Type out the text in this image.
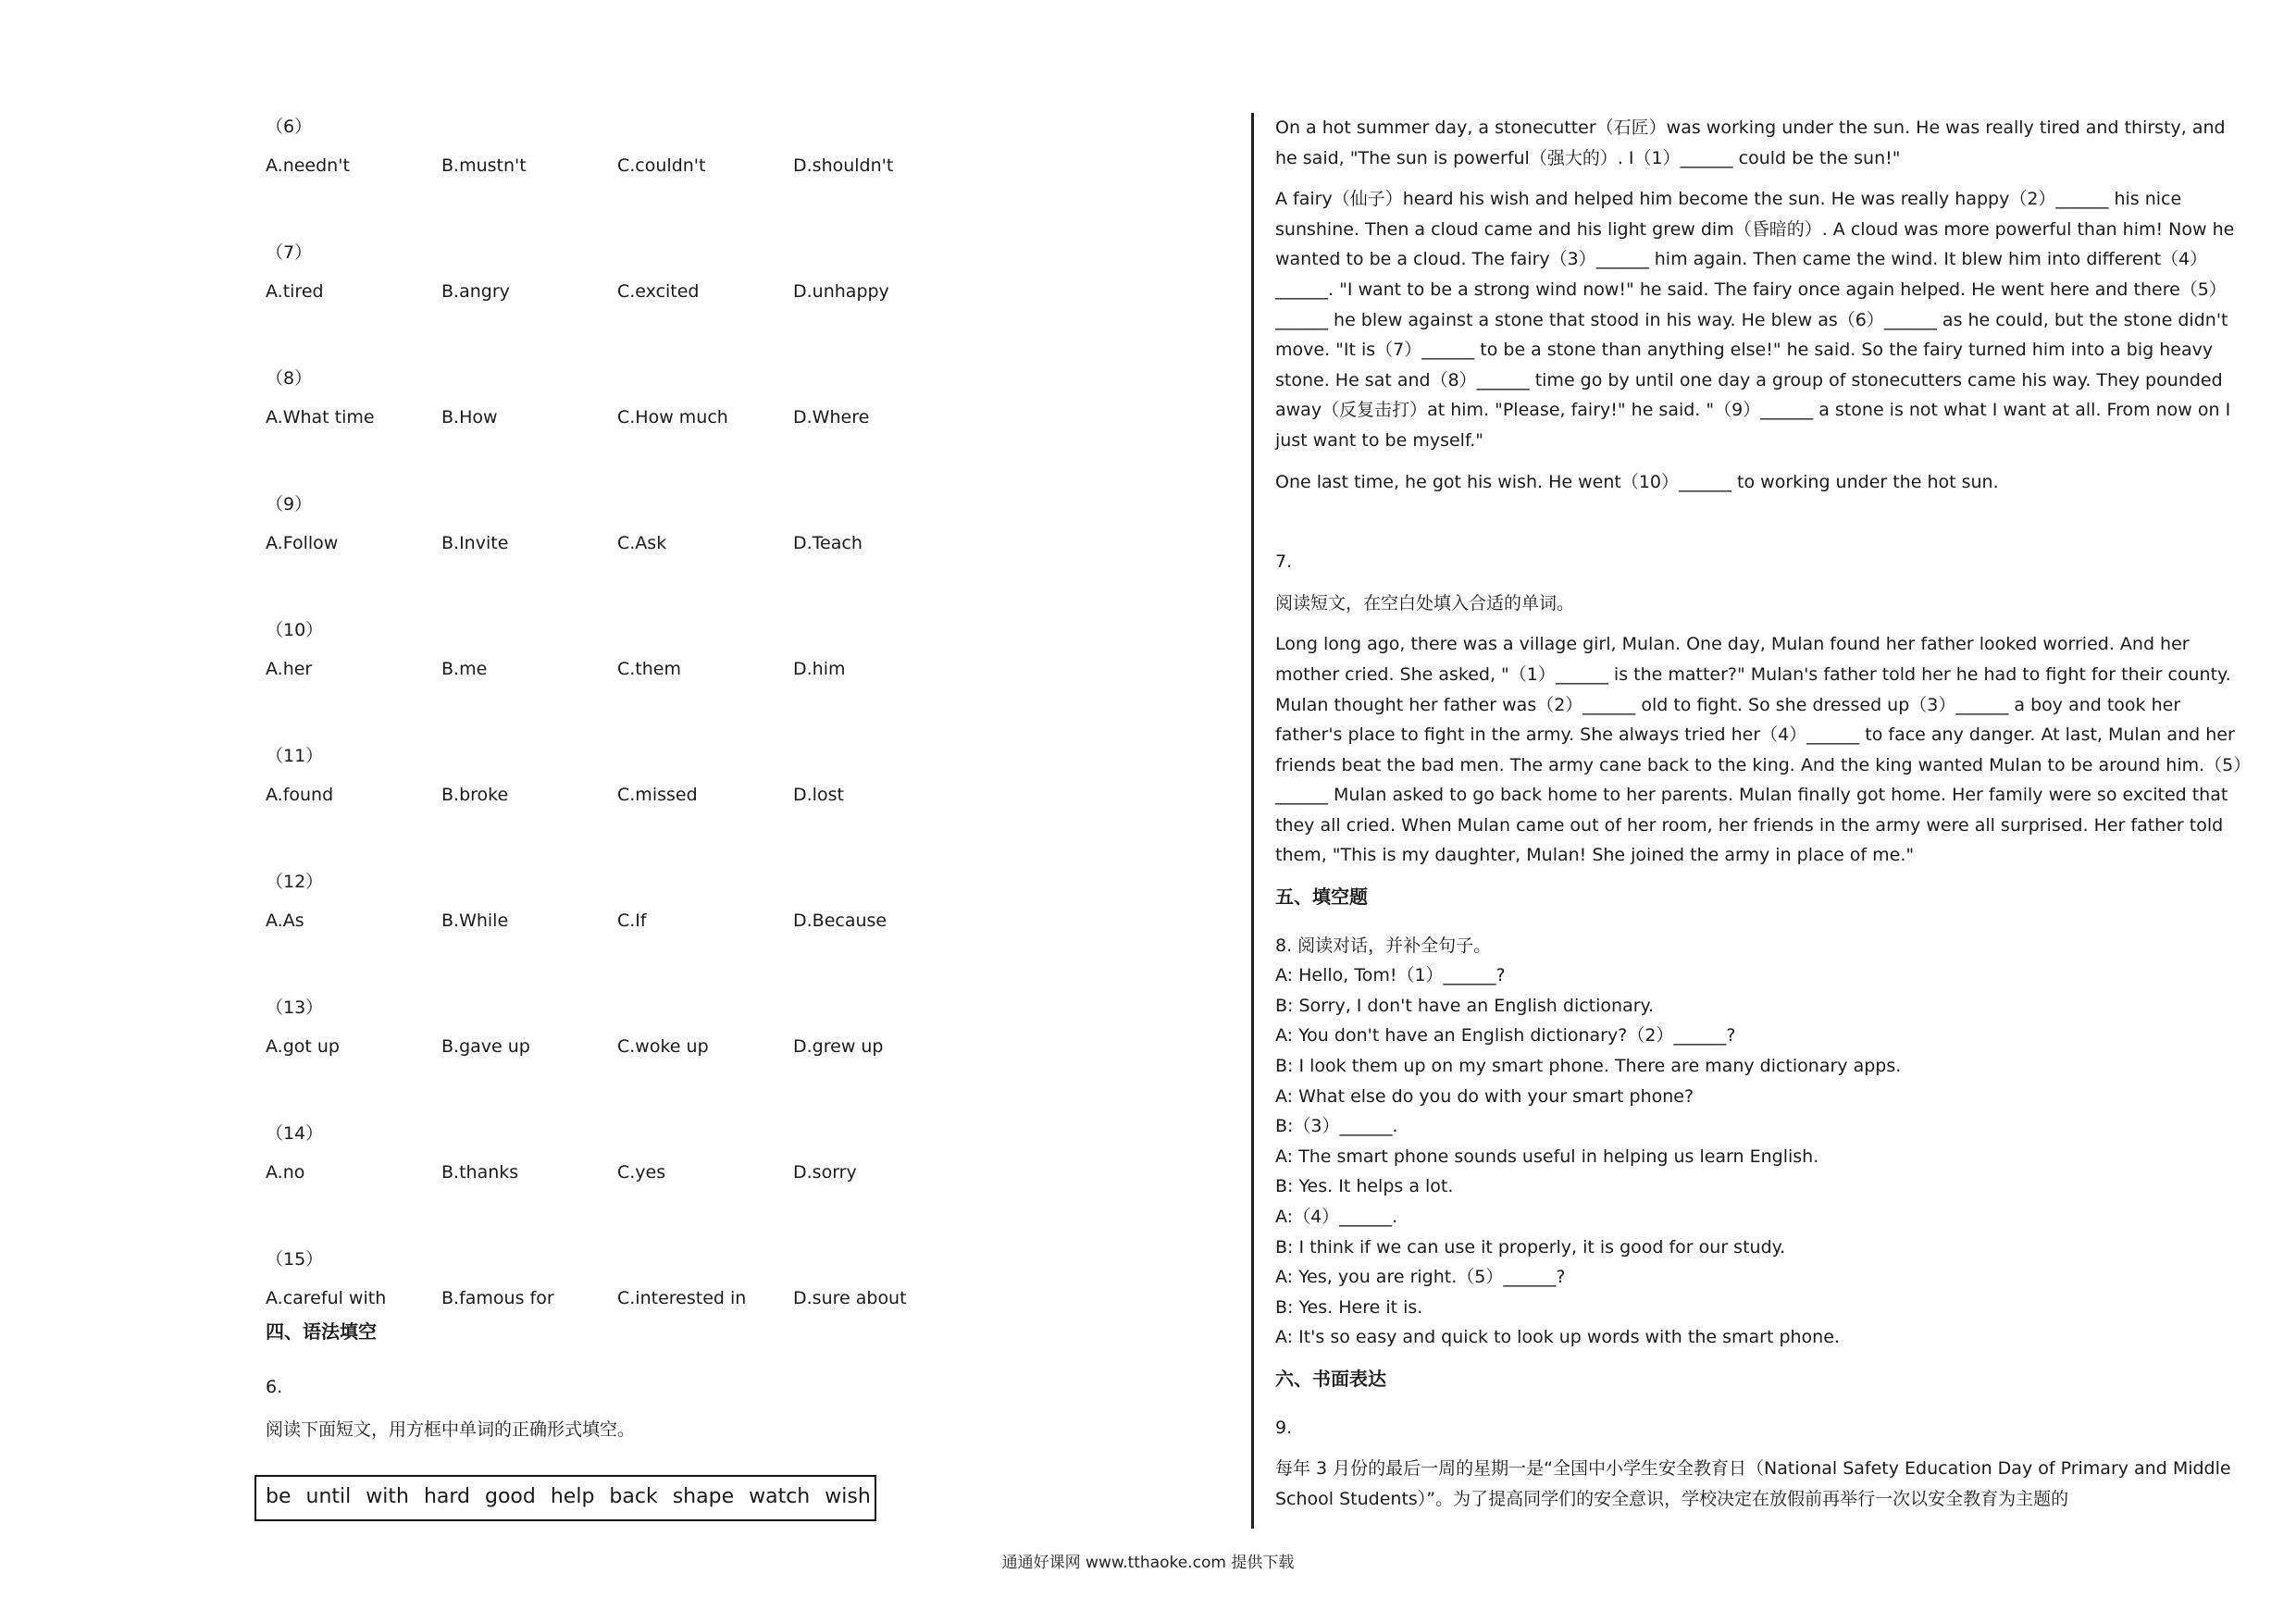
（6）
A.needn't	B.mustn't	C.couldn't	D.shouldn't
（7）
A.tired	B.angry	C.excited	D.unhappy
（8）
A.What time	B.How	C.How much	D.Where
（9）
A.Follow	B.Invite	C.Ask	D.Teach
（10）
A.her	B.me	C.them	D.him
（11）
A.found	B.broke	C.missed	D.lost
（12）
A.As	B.While	C.If	D.Because
（13）
A.got up	B.gave up	C.woke up	D.grew up
（14）
A.no	B.thanks	C.yes	D.sorry
（15）
A.careful with	B.famous for	C.interested in	D.sure about
四、语法填空
6.
阅读下面短文，用方框中单词的正确形式填空。
be until with hard good help back shape watch wish

On a hot summer day, a stonecutter（石匠）was working under the sun. He was really tired and thirsty, and he said, "The sun is powerful（强大的）. I（1）______ could be the sun!"

A fairy（仙子）heard his wish and helped him become the sun. He was really happy（2）______ his nice sunshine. Then a cloud came and his light grew dim（昏暗的）. A cloud was more powerful than him! Now he wanted to be a cloud. The fairy（3）______ him again. Then came the wind. It blew him into different（4）______. "I want to be a strong wind now!" he said. The fairy once again helped. He went here and there（5）______ he blew against a stone that stood in his way. He blew as（6）______ as he could, but the stone didn't move. "It is（7）______ to be a stone than anything else!" he said. So the fairy turned him into a big heavy stone. He sat and（8）______ time go by until one day a group of stonecutters came his way. They pounded away（反复击打）at him. "Please, fairy!" he said. "（9）______ a stone is not what I want at all. From now on I just want to be myself."

One last time, he got his wish. He went（10）______ to working under the hot sun.

7.
阅读短文，在空白处填入合适的单词。

Long long ago, there was a village girl, Mulan. One day, Mulan found her father looked worried. And her mother cried. She asked, "（1）______ is the matter?" Mulan's father told her he had to fight for their county. Mulan thought her father was（2）______ old to fight. So she dressed up（3）______ a boy and took her father's place to fight in the army. She always tried her（4）______ to face any danger. At last, Mulan and her friends beat the bad men. The army cane back to the king. And the king wanted Mulan to be around him.（5）______ Mulan asked to go back home to her parents. Mulan finally got home. Her family were so excited that they all cried. When Mulan came out of her room, her friends in the army were all surprised. Her father told them, "This is my daughter, Mulan! She joined the army in place of me."

五、填空题
8. 阅读对话，并补全句子。
A: Hello, Tom!（1）______?
B: Sorry, I don't have an English dictionary.
A: You don't have an English dictionary?（2）______?
B: I look them up on my smart phone. There are many dictionary apps.
A: What else do you do with your smart phone?
B:（3）______.
A: The smart phone sounds useful in helping us learn English.
B: Yes. It helps a lot.
A:（4）______.
B: I think if we can use it properly, it is good for our study.
A: Yes, you are right.（5）______?
B: Yes. Here it is.
A: It's so easy and quick to look up words with the smart phone.
六、书面表达
9.

每年 3 月份的最后一周的星期一是“全国中小学生安全教育日（National Safety Education Day of Primary and Middle School Students）”。为了提高同学们的安全意识，学校决定在放假前再举行一次以安全教育为主题的

通通好课网 www.tthaoke.com 提供下载
